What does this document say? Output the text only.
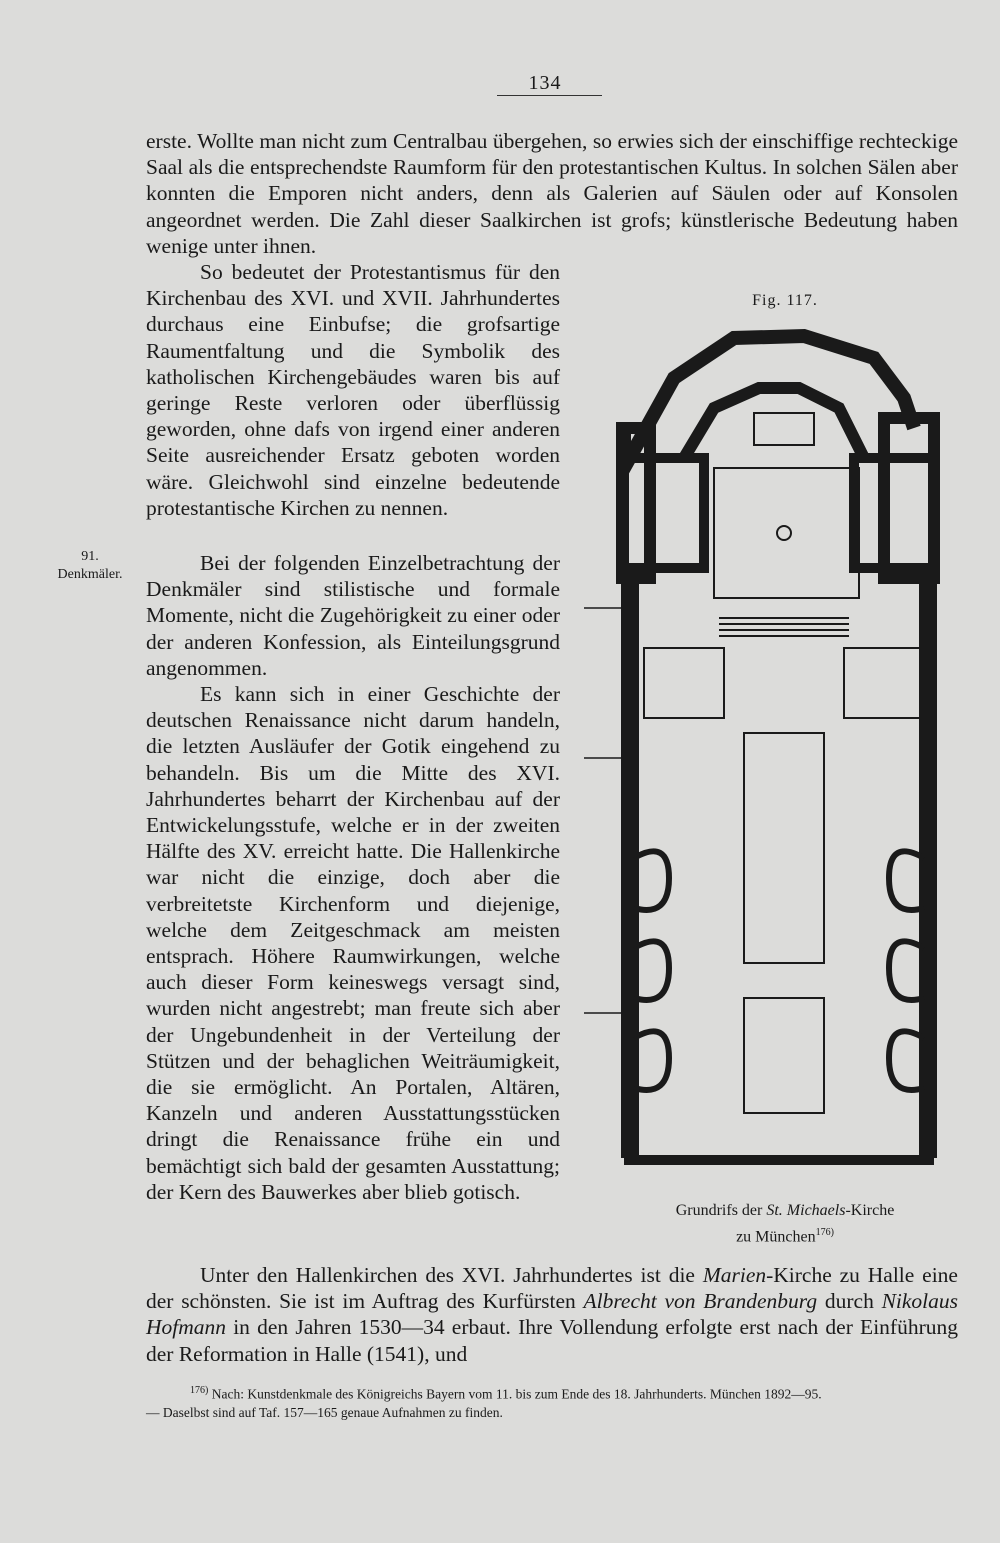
134

erste. Wollte man nicht zum Centralbau übergehen, so erwies sich der einschiffige rechteckige Saal als die entsprechendste Raumform für den protestantischen Kultus. In solchen Sälen aber konnten die Emporen nicht anders, denn als Galerien auf Säulen oder auf Konsolen angeordnet werden. Die Zahl dieser Saalkirchen ist grofs; künstlerische Bedeutung haben wenige unter ihnen.

So bedeutet der Protestantismus für den Kirchenbau des XVI. und XVII. Jahrhundertes durchaus eine Einbufse; die grofsartige Raumentfaltung und die Symbolik des katholischen Kirchengebäudes waren bis auf geringe Reste verloren oder überflüssig geworden, ohne dafs von irgend einer anderen Seite ausreichender Ersatz geboten worden wäre. Gleichwohl sind einzelne bedeutende protestantische Kirchen zu nennen.

91.
Denkmäler.	Bei der folgenden Einzelbetrachtung der Denkmäler sind stilistische und formale Momente, nicht die Zugehörigkeit zu einer oder der anderen Konfession, als Einteilungsgrund angenommen.

Es kann sich in einer Geschichte der deutschen Renaissance nicht darum handeln, die letzten Ausläufer der Gotik eingehend zu behandeln. Bis um die Mitte des XVI. Jahrhundertes beharrt der Kirchenbau auf der Entwickelungsstufe, welche er in der zweiten Hälfte des XV. erreicht hatte. Die Hallenkirche war nicht die einzige, doch aber die verbreitetste Kirchenform und diejenige, welche dem Zeitgeschmack am meisten entsprach. Höhere Raumwirkungen, welche auch dieser Form keineswegs versagt sind, wurden nicht angestrebt; man freute sich aber der Ungebundenheit in der Verteilung der Stützen und der behaglichen Weiträumigkeit, die sie ermöglicht. An Portalen, Altären, Kanzeln und anderen Ausstattungsstücken dringt die Renaissance frühe ein und bemächtigt sich bald der gesamten Ausstattung; der Kern des Bauwerkes aber blieb gotisch.

Unter den Hallenkirchen des XVI. Jahrhundertes ist die Marien-Kirche zu Halle eine der schönsten. Sie ist im Auftrag des Kurfürsten Albrecht von Brandenburg durch Nikolaus Hofmann in den Jahren 1530—34 erbaut. Ihre Vollendung erfolgte erst nach der Einführung der Reformation in Halle (1541), und

Fig. 117.
Grundrifs der St. Michaels-Kirche
zu München$^{176)}$

$^{176)}$ Nach: Kunstdenkmale des Königreichs Bayern vom 11. bis zum Ende des 18. Jahrhunderts. München 1892—95.

— Daselbst sind auf Taf. 157—165 genaue Aufnahmen zu finden.
